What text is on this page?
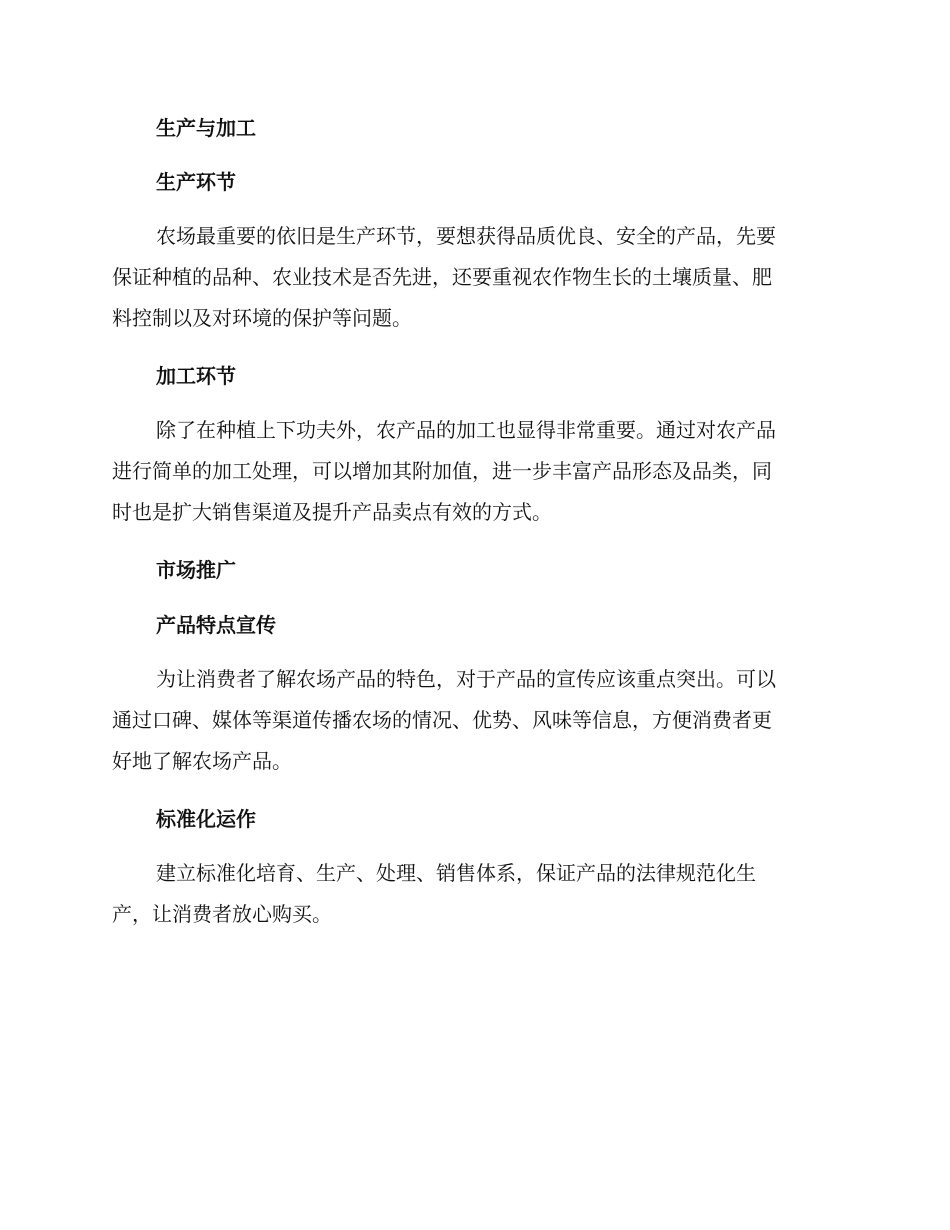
生产与加工
生产环节
农场最重要的依旧是生产环节，要想获得品质优良、安全的产品，先要
保证种植的品种、农业技术是否先进，还要重视农作物生长的土壤质量、肥
料控制以及对环境的保护等问题。
加工环节
除了在种植上下功夫外，农产品的加工也显得非常重要。通过对农产品
进行简单的加工处理，可以增加其附加值，进一步丰富产品形态及品类，同
时也是扩大销售渠道及提升产品卖点有效的方式。
市场推广
产品特点宣传
为让消费者了解农场产品的特色，对于产品的宣传应该重点突出。可以
通过口碑、媒体等渠道传播农场的情况、优势、风味等信息，方便消费者更
好地了解农场产品。
标准化运作
建立标准化培育、生产、处理、销售体系，保证产品的法律规范化生
产，让消费者放心购买。
